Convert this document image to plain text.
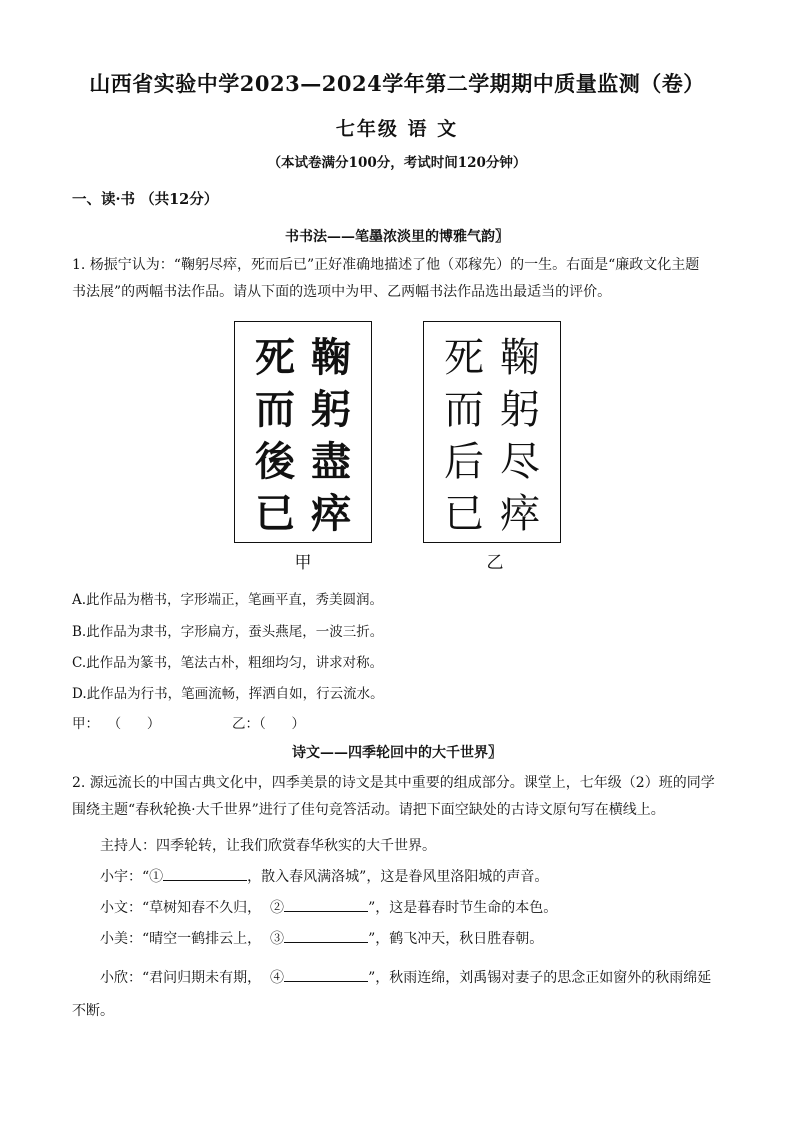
山西省实验中学2023—2024学年第二学期期中质量监测（卷）
七年级 语 文
（本试卷满分100分，考试时间120分钟）
一、读·书 （共12分）
书书法——笔墨浓淡里的博雅气韵〗
1. 杨振宁认为：“鞠躬尽瘁，死而后已”正好准确地描述了他（邓稼先）的一生。右面是“廉政文化主题
书法展”的两幅书法作品。请从下面的选项中为甲、乙两幅书法作品选出最适当的评价。
死
而
後
已
鞠
躬
盡
瘁
甲
死
而
后
已
鞠
躬
尽
瘁
乙
A.此作品为楷书，字形端正，笔画平直，秀美圆润。
B.此作品为隶书，字形扁方，蚕头燕尾，一波三折。
C.此作品为篆书，笔法古朴，粗细均匀，讲求对称。
D.此作品为行书，笔画流畅，挥洒自如，行云流水。
甲：  （      ）	乙：（      ）
诗文——四季轮回中的大千世界〗
2. 源远流长的中国古典文化中，四季美景的诗文是其中重要的组成部分。课堂上，七年级（2）班的同学
围绕主题“春秋轮换·大千世界”进行了佳句竞答活动。请把下面空缺处的古诗文原句写在横线上。
主持人：四季轮转，让我们欣赏春华秋实的大千世界。
小宇：“①	，散入春风满洛城”，这是眷风里洛阳城的声音。
小文：“草树知春不久归，  ②	”，这是暮春时节生命的本色。
小美：“晴空一鹤排云上，  ③	”，鹤飞冲天，秋日胜春朝。
小欣：“君问归期未有期，  ④	”，秋雨连绵，刘禹锡对妻子的思念正如窗外的秋雨绵延
不断。
